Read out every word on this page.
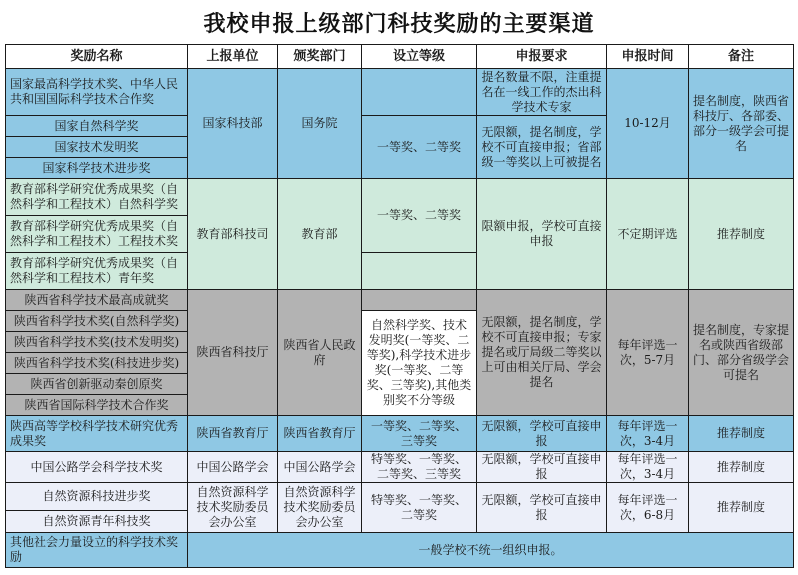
我校申报上级部门科技奖励的主要渠道
奖励名称	上报单位	颁奖部门	设立等级	申报要求	申报时间	备注
国家最高科学技术奖、中华人民共和国国际科学技术合作奖	国家科技部	国务院		提名数量不限，注重提名在一线工作的杰出科学技术专家	10-12月	提名制度，陕西省科技厅、各部委、部分一级学会可提名
国家自然科学奖			一等奖、二等奖	无限额，提名制度，学校不可直接申报；省部级一等奖以上可被提名		
国家技术发明奖						
国家科学技术进步奖						
教育部科学研究优秀成果奖（自然科学和工程技术）自然科学奖	教育部科技司	教育部	一等奖、二等奖	限额申报，学校可直接申报	不定期评选	推荐制度
教育部科学研究优秀成果奖（自然科学和工程技术）工程技术奖						
教育部科学研究优秀成果奖（自然科学和工程技术）青年奖						
陕西省科学技术最高成就奖	陕西省科技厅	陕西省人民政府		无限额，提名制度，学校不可直接申报；专家提名或厅局级二等奖以上可由相关厅局、学会提名	每年评选一次，5-7月	提名制度，专家提名或陕西省级部门、部分省级学会可提名
陕西省科学技术奖(自然科学奖)			自然科学奖、技术发明奖(一等奖、二等奖),科学技术进步奖(一等奖、二等奖、三等奖),其他类别奖不分等级			
陕西省科学技术奖(技术发明奖)						
陕西省科学技术奖(科技进步奖)						
陕西省创新驱动秦创原奖						
陕西省国际科学技术合作奖						
陕西高等学校科学技术研究优秀成果奖	陕西省教育厅	陕西省教育厅	一等奖、二等奖、三等奖	无限额，学校可直接申报	每年评选一次，3-4月	推荐制度
中国公路学会科学技术奖	中国公路学会	中国公路学会	特等奖、一等奖、二等奖、三等奖	无限额，学校可直接申报	每年评选一次，3-4月	推荐制度
自然资源科技进步奖	自然资源科学技术奖励委员会办公室	自然资源科学技术奖励委员会办公室	特等奖、一等奖、二等奖	无限额，学校可直接申报	每年评选一次，6-8月	推荐制度
自然资源青年科技奖						
其他社会力量设立的科学技术奖励	一般学校不统一组织申报。					
